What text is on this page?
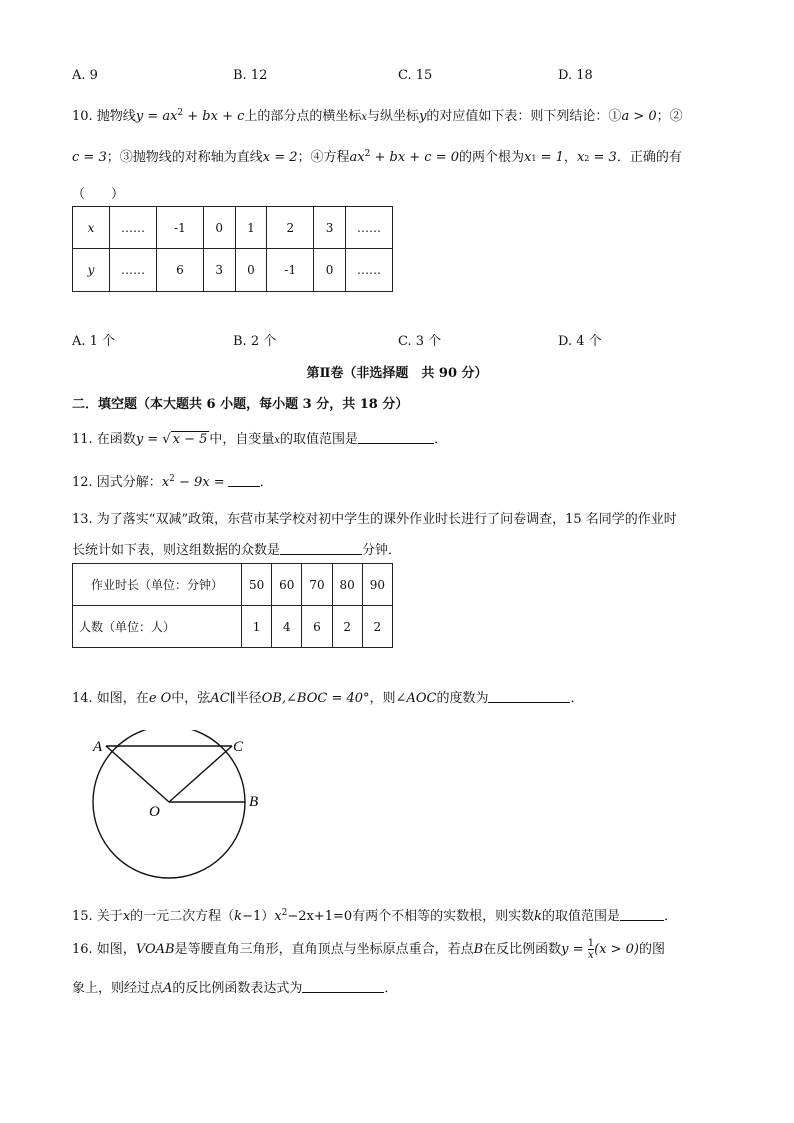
A. 9	B. 12	C. 15	D. 18
10. 抛物线$y = ax^2$ + bx + c上的部分点的横坐标x与纵坐标y的对应值如下表：则下列结论：①a > 0；②
c = 3；③抛物线的对称轴为直线x = 2；④方程$ax^2$ + bx + c = 0的两个根为x1 = 1，x2 = 3．正确的有
（　　）
x	……	-1	0	1	2	3	……
y	……	6	3	0	-1	0	……
A. 1 个	B. 2 个	C. 3 个	D. 4 个
第Ⅱ卷（非选择题　共 90 分）
二．填空题（本大题共 6 小题，每小题 3 分，共 18 分）
11. 在函数y = √ x − 5 中，自变量x的取值范围是	．
12. 因式分解：$x^2 - 9x$ =	．
13. 为了落实“双减”政策，东营市某学校对初中学生的课外作业时长进行了问卷调查，15 名同学的作业时
长统计如下表，则这组数据的众数是	分钟．
作业时长（单位：分钟）	50	60	70	80	90
人数（单位：人）	1	4	6	2	2
14. 如图，在e O中，弦AC∥半径OB,∠BOC = 40°，则∠AOC的度数为	．
A	C
O
B
15. 关于x的一元二次方程$(k-1)x^2-2x+1=0$有两个不相等的实数根，则实数k的取值范围是	．
16. 如图，VOAB是等腰直角三角形，直角顶点与坐标原点重合，若点B在反比例函数$y = \frac{1}{x} (x > 0)$的图
象上，则经过点A的反比例函数表达式为	．
